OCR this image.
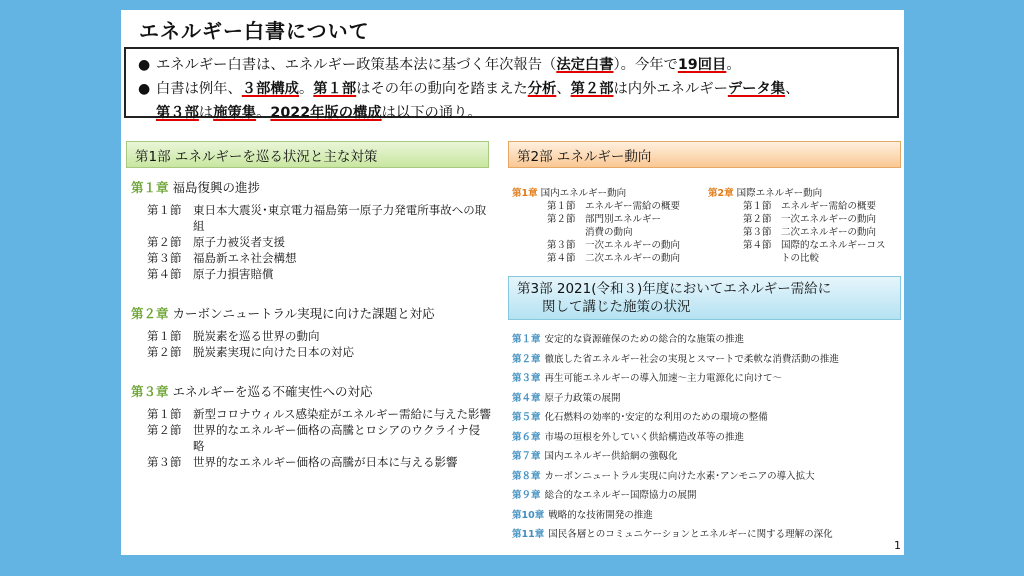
エネルギー白書について
● エネルギー白書は、エネルギー政策基本法に基づく年次報告（法定白書）。今年で19回目。
● 白書は例年、３部構成。第１部はその年の動向を踏まえた分析、第２部は内外エネルギーデータ集、
第３部は施策集。2022年版の構成は以下の通り。
第1部 エネルギーを巡る状況と主な対策

第１章 福島復興の進捗

第１節	東日本大震災･東京電力福島第一原子力発電所事故への取組
第２節	原子力被災者支援
第３節	福島新エネ社会構想
第４節	原子力損害賠償

第２章 カーボンニュートラル実現に向けた課題と対応

第１節	脱炭素を巡る世界の動向
第２節	脱炭素実現に向けた日本の対応

第３章 エネルギーを巡る不確実性への対応

第１節	新型コロナウィルス感染症がエネルギー需給に与えた影響
第２節	世界的なエネルギー価格の高騰とロシアのウクライナ侵略
第３節	世界的なエネルギー価格の高騰が日本に与える影響
第2部 エネルギー動向
第1章 国内エネルギー動向
第１節 エネルギー需給の概要
第２節 部門別エネルギー消費の動向
第３節 一次エネルギーの動向
第４節 二次エネルギーの動向
第2章 国際エネルギー動向
第１節 エネルギー需給の概要
第２節 一次エネルギーの動向
第３節 二次エネルギーの動向
第４節 国際的なエネルギーコストの比較
第3部 2021(令和３)年度においてエネルギー需給に
関して講じた施策の状況
第１章 安定的な資源確保のための総合的な施策の推進
第２章 徹底した省エネルギー社会の実現とスマートで柔軟な消費活動の推進
第３章 再生可能エネルギーの導入加速～主力電源化に向けて～
第４章 原子力政策の展開
第５章 化石燃料の効率的･安定的な利用のための環境の整備
第６章 市場の垣根を外していく供給構造改革等の推進
第７章 国内エネルギー供給網の強靱化
第８章 カーボンニュートラル実現に向けた水素･アンモニアの導入拡大
第９章 総合的なエネルギー国際協力の展開
第10章 戦略的な技術開発の推進
第11章 国民各層とのコミュニケーションとエネルギーに関する理解の深化
1
